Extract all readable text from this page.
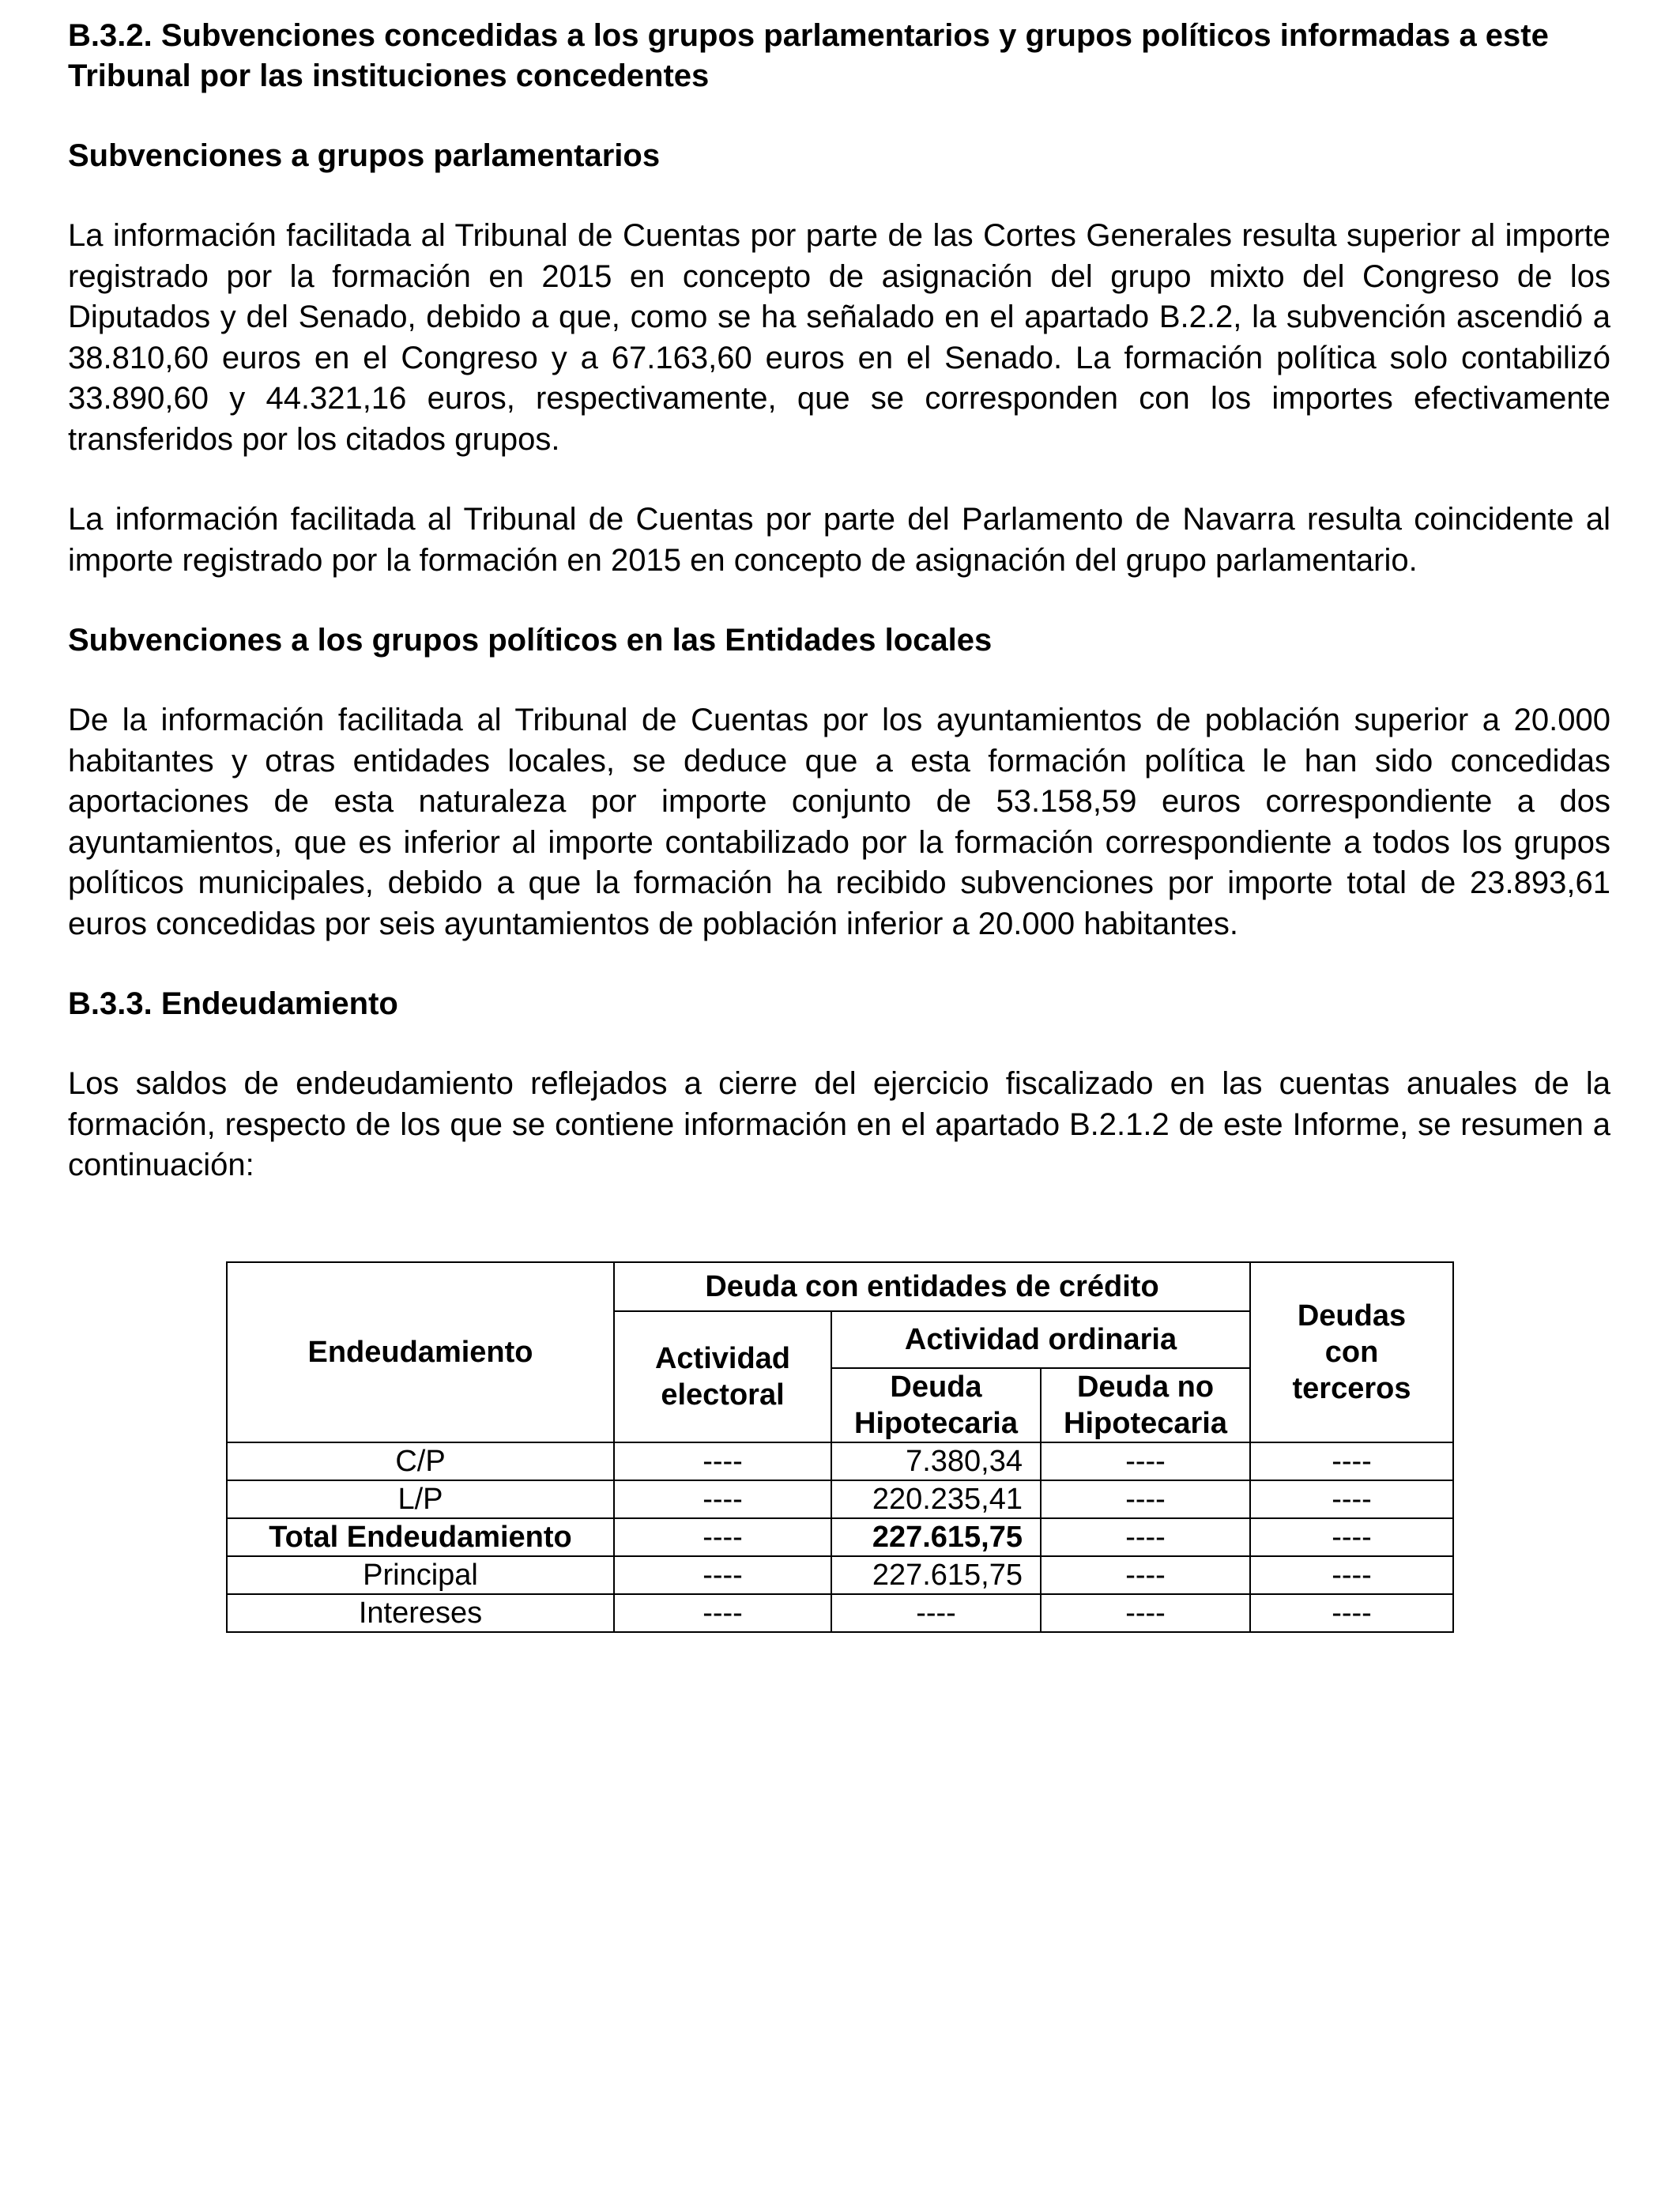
B.3.2. Subvenciones concedidas a los grupos parlamentarios y grupos políticos informadas a este Tribunal por las instituciones concedentes

Subvenciones a grupos parlamentarios

La información facilitada al Tribunal de Cuentas por parte de las Cortes Generales resulta superior al importe registrado por la formación en 2015 en concepto de asignación del grupo mixto del Congreso de los Diputados y del Senado, debido a que, como se ha señalado en el apartado B.2.2, la subvención ascendió a 38.810,60 euros en el Congreso y a 67.163,60 euros en el Senado. La formación política solo contabilizó 33.890,60 y 44.321,16 euros, respectivamente, que se corresponden con los importes efectivamente transferidos por los citados grupos.

La información facilitada al Tribunal de Cuentas por parte del Parlamento de Navarra resulta coincidente al importe registrado por la formación en 2015 en concepto de asignación del grupo parlamentario.

Subvenciones a los grupos políticos en las Entidades locales

De la información facilitada al Tribunal de Cuentas por los ayuntamientos de población superior a 20.000 habitantes y otras entidades locales, se deduce que a esta formación política le han sido concedidas aportaciones de esta naturaleza por importe conjunto de 53.158,59 euros correspondiente a dos ayuntamientos, que es inferior al importe contabilizado por la formación correspondiente a todos los grupos políticos municipales, debido a que la formación ha recibido subvenciones por importe total de 23.893,61 euros concedidas por seis ayuntamientos de población inferior a 20.000 habitantes.

B.3.3. Endeudamiento

Los saldos de endeudamiento reflejados a cierre del ejercicio fiscalizado en las cuentas anuales de la formación, respecto de los que se contiene información en el apartado B.2.1.2 de este Informe, se resumen a continuación:

Endeudamiento	Deuda con entidades de crédito			Deudas con terceros
	Actividad electoral	Actividad ordinaria		
		Deuda Hipotecaria	Deuda no Hipotecaria	
C/P	----	7.380,34	----	----
L/P	----	220.235,41	----	----
Total Endeudamiento	----	227.615,75	----	----
Principal	----	227.615,75	----	----
Intereses	----	----	----	----
